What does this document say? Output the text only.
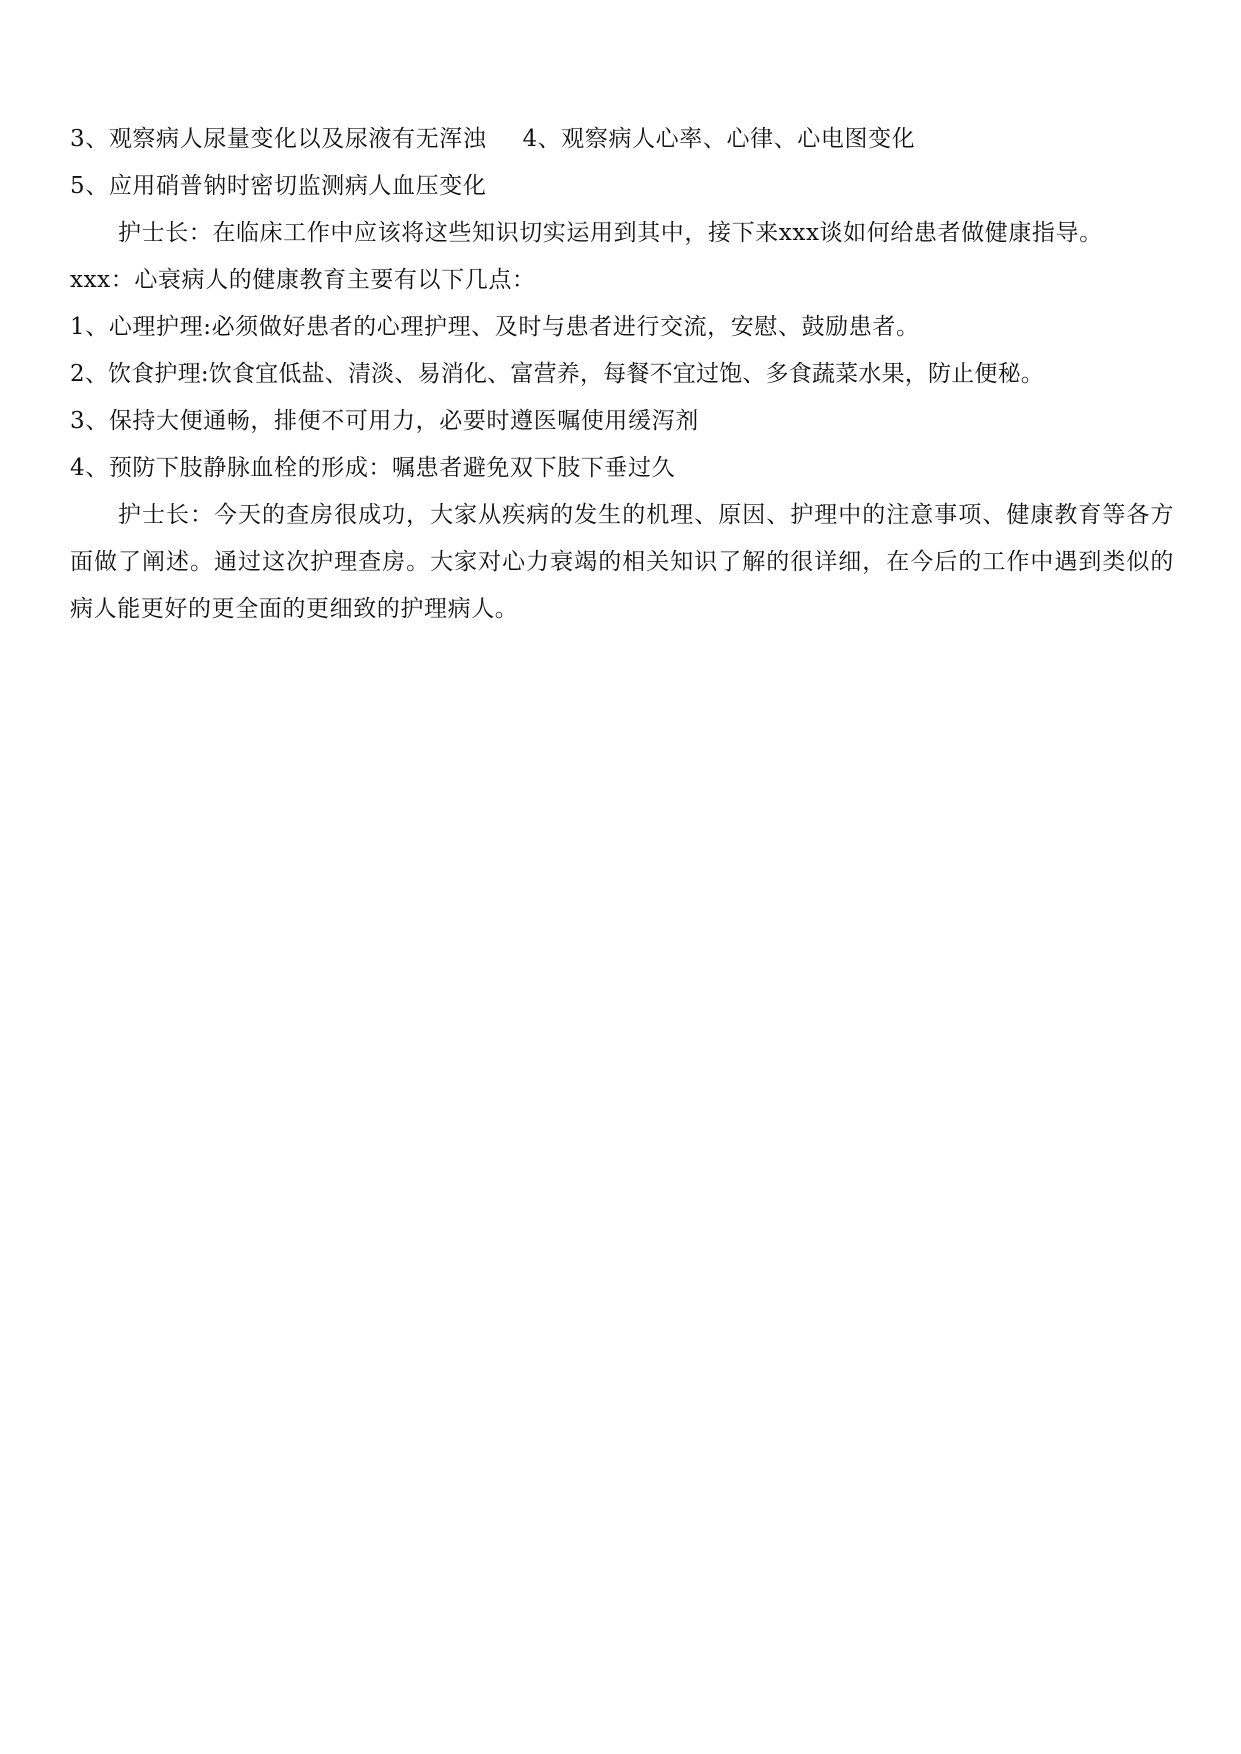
3、观察病人尿量变化以及尿液有无浑浊 4、观察病人心率、心律、心电图变化

5、应用硝普钠时密切监测病人血压变化

护士长：在临床工作中应该将这些知识切实运用到其中，接下来xxx谈如何给患者做健康指导。

xxx：心衰病人的健康教育主要有以下几点：

1、心理护理:必须做好患者的心理护理、及时与患者进行交流，安慰、鼓励患者。

2、饮食护理:饮食宜低盐、清淡、易消化、富营养，每餐不宜过饱、多食蔬菜水果，防止便秘。

3、保持大便通畅，排便不可用力，必要时遵医嘱使用缓泻剂

4、预防下肢静脉血栓的形成：嘱患者避免双下肢下垂过久

护士长：今天的查房很成功，大家从疾病的发生的机理、原因、护理中的注意事项、健康教育等各方面做了阐述。通过这次护理查房。大家对心力衰竭的相关知识了解的很详细，在今后的工作中遇到类似的病人能更好的更全面的更细致的护理病人。
